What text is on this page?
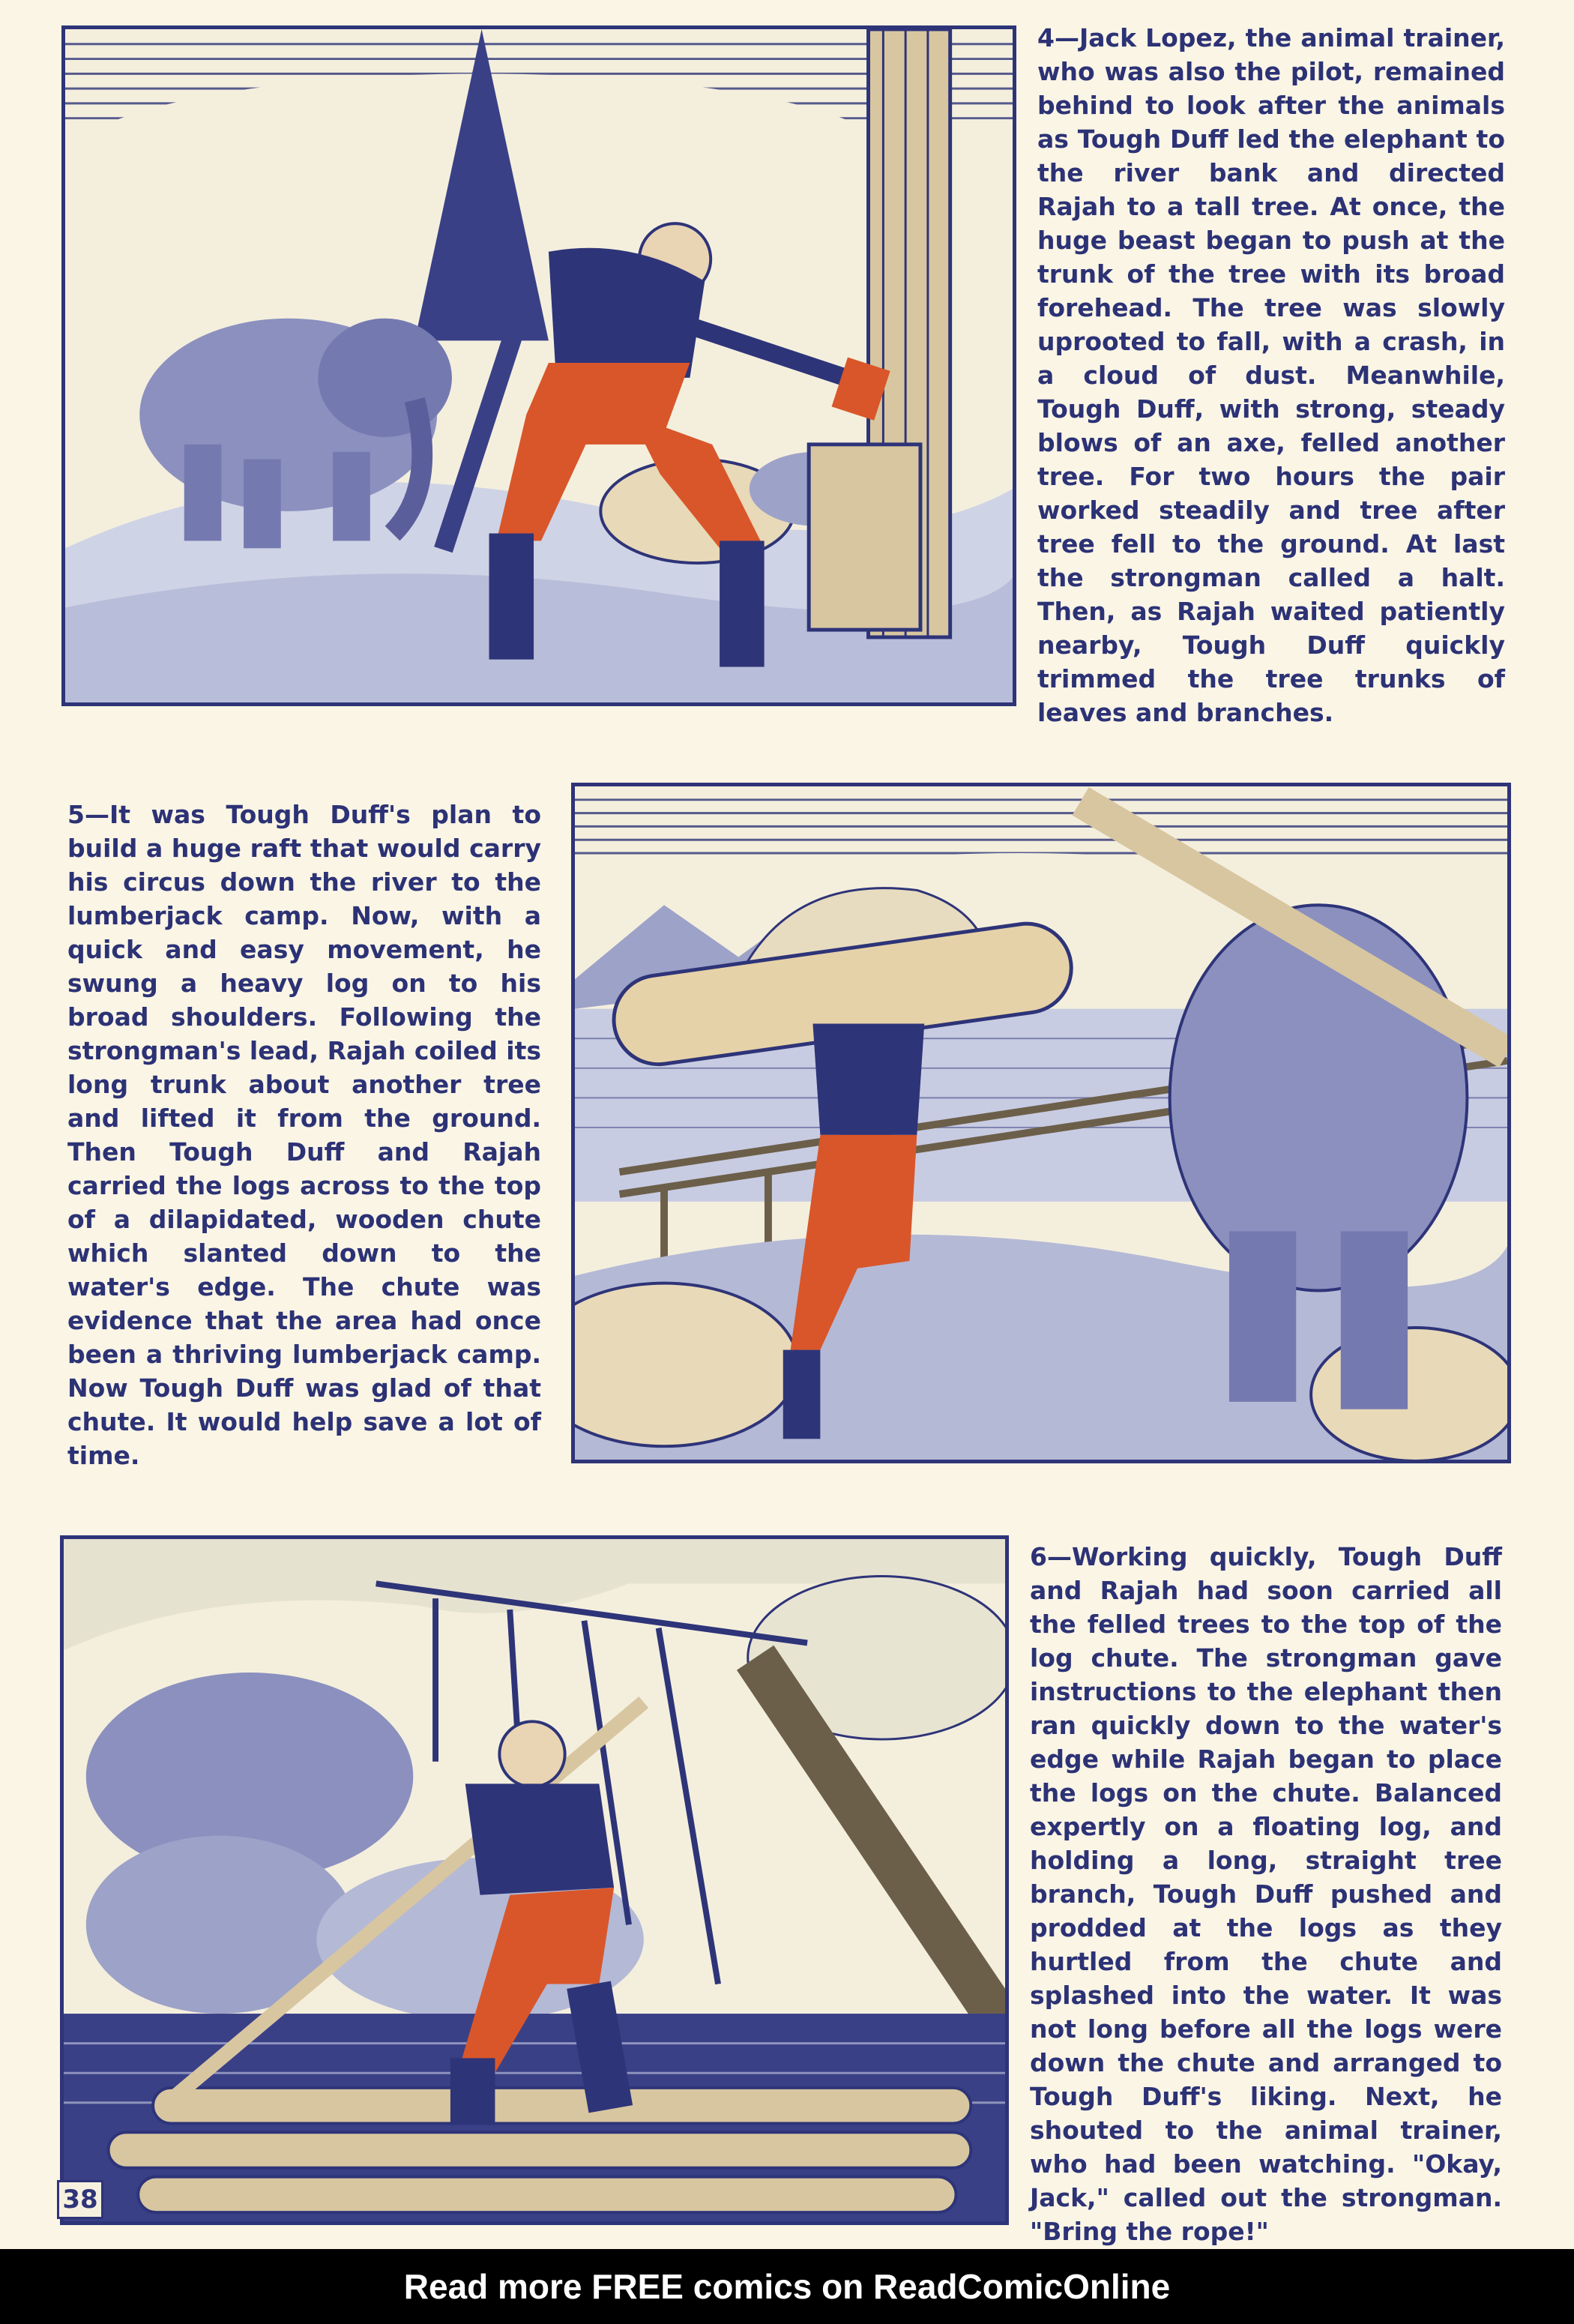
4—Jack Lopez, the animal trainer, who was also the pilot, remained behind to look after the animals as Tough Duff led the elephant to the river bank and directed Rajah to a tall tree. At once, the huge beast began to push at the trunk of the tree with its broad forehead. The tree was slowly uprooted to fall, with a crash, in a cloud of dust. Meanwhile, Tough Duff, with strong, steady blows of an axe, felled another tree. For two hours the pair worked steadily and tree after tree fell to the ground. At last the strongman called a halt. Then, as Rajah waited patiently nearby, Tough Duff quickly trimmed the tree trunks of leaves and branches.

5—It was Tough Duff's plan to build a huge raft that would carry his circus down the river to the lumberjack camp. Now, with a quick and easy movement, he swung a heavy log on to his broad shoulders. Following the strongman's lead, Rajah coiled its long trunk about another tree and lifted it from the ground. Then Tough Duff and Rajah carried the logs across to the top of a dilapidated, wooden chute which slanted down to the water's edge. The chute was evidence that the area had once been a thriving lumberjack camp. Now Tough Duff was glad of that chute. It would help save a lot of time.

6—Working quickly, Tough Duff and Rajah had soon carried all the felled trees to the top of the log chute. The strongman gave instructions to the elephant then ran quickly down to the water's edge while Rajah began to place the logs on the chute. Balanced expertly on a floating log, and holding a long, straight tree branch, Tough Duff pushed and prodded at the logs as they hurtled from the chute and splashed into the water. It was not long before all the logs were down the chute and arranged to Tough Duff's liking. Next, he shouted to the animal trainer, who had been watching. "Okay, Jack," called out the strongman. "Bring the rope!"

38
Read more FREE comics on ReadComicOnline
